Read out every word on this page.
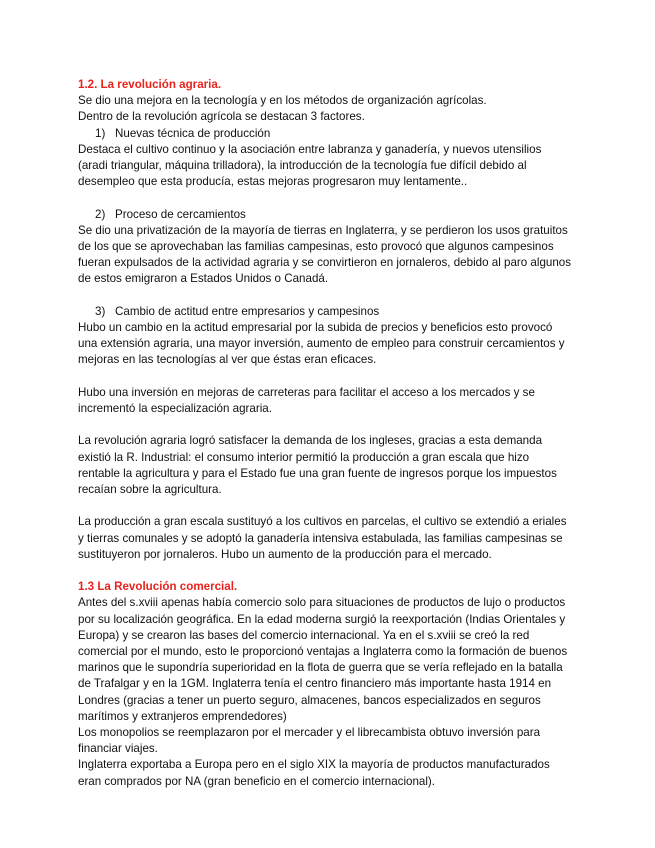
1.2. La revolución agraria.

Se dio una mejora en la tecnología y en los métodos de organización agrícolas.

Dentro de la revolución agrícola se destacan 3 factores.

1) Nuevas técnica de producción

Destaca el cultivo continuo y la asociación entre labranza y ganadería, y nuevos utensilios

(aradi triangular, máquina trilladora), la introducción de la tecnología fue difícil debido al

desempleo que esta producía, estas mejoras progresaron muy lentamente..

2) Proceso de cercamientos

Se dio una privatización de la mayoría de tierras en Inglaterra, y se perdieron los usos gratuitos

de los que se aprovechaban las familias campesinas, esto provocó que algunos campesinos

fueran expulsados de la actividad agraria y se convirtieron en jornaleros, debido al paro algunos

de estos emigraron a Estados Unidos o Canadá.

3) Cambio de actitud entre empresarios y campesinos

Hubo un cambio en la actitud empresarial por la subida de precios y beneficios esto provocó

una extensión agraria, una mayor inversión, aumento de empleo para construir cercamientos y

mejoras en las tecnologías al ver que éstas eran eficaces.

Hubo una inversión en mejoras de carreteras para facilitar el acceso a los mercados y se

incrementó la especialización agraria.

La revolución agraria logró satisfacer la demanda de los ingleses, gracias a esta demanda

existió la R. Industrial: el consumo interior permitió la producción a gran escala que hizo

rentable la agricultura y para el Estado fue una gran fuente de ingresos porque los impuestos

recaían sobre la agricultura.

La producción a gran escala sustituyó a los cultivos en parcelas, el cultivo se extendió a eriales

y tierras comunales y se adoptó la ganadería intensiva estabulada, las familias campesinas se

sustituyeron por jornaleros. Hubo un aumento de la producción para el mercado.

1.3 La Revolución comercial.

Antes del s.xviii apenas había comercio solo para situaciones de productos de lujo o productos

por su localización geográfica. En la edad moderna surgió la reexportación (Indias Orientales y

Europa) y se crearon las bases del comercio internacional. Ya en el s.xviii se creó la red

comercial por el mundo, esto le proporcionó ventajas a Inglaterra como la formación de buenos

marinos que le supondría superioridad en la flota de guerra que se vería reflejado en la batalla

de Trafalgar y en la 1GM. Inglaterra tenía el centro financiero más importante hasta 1914 en

Londres (gracias a tener un puerto seguro, almacenes, bancos especializados en seguros

marítimos y extranjeros emprendedores)

Los monopolios se reemplazaron por el mercader y el librecambista obtuvo inversión para

financiar viajes.

Inglaterra exportaba a Europa pero en el siglo XIX la mayoría de productos manufacturados

eran comprados por NA (gran beneficio en el comercio internacional).
